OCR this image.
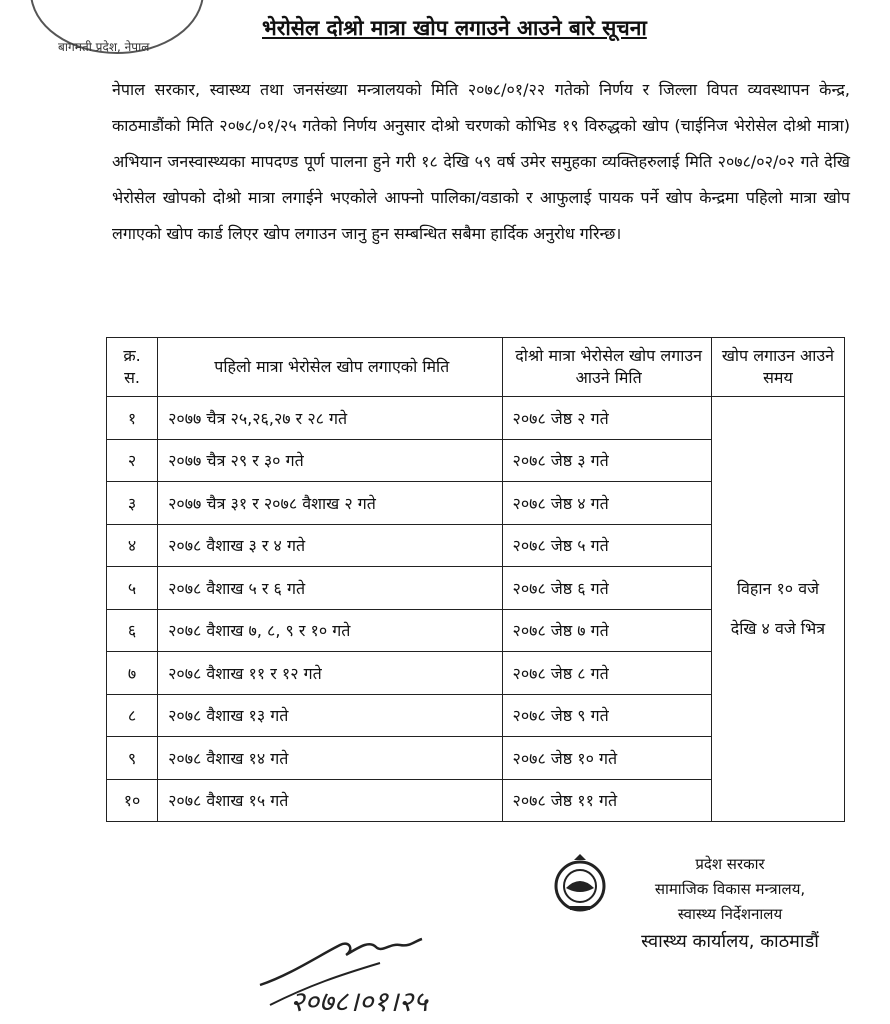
बागमती प्रदेश, नेपाल
भेरोसेल दोश्रो मात्रा खोप लगाउने आउने बारे सूचना
नेपाल सरकार, स्वास्थ्य तथा जनसंख्या मन्त्रालयको मिति २०७८/०१/२२ गतेको निर्णय र जिल्ला विपत व्यवस्थापन केन्द्र, काठमाडौंको मिति २०७८/०१/२५ गतेको निर्णय अनुसार दोश्रो चरणको कोभिड १९ विरुद्धको खोप (चाईनिज भेरोसेल दोश्रो मात्रा) अभियान जनस्वास्थ्यका मापदण्ड पूर्ण पालना हुने गरी १८ देखि ५९ वर्ष उमेर समुहका व्यक्तिहरुलाई मिति २०७८/०२/०२ गते देखि भेरोसेल खोपको दोश्रो मात्रा लगाईने भएकोले आफ्नो पालिका/वडाको र आफुलाई पायक पर्ने खोप केन्द्रमा पहिलो मात्रा खोप लगाएको खोप कार्ड लिएर खोप लगाउन जानु हुन सम्बन्धित सबैमा हार्दिक अनुरोध गरिन्छ।
क्र. स.	पहिलो मात्रा भेरोसेल खोप लगाएको मिति	दोश्रो मात्रा भेरोसेल खोप लगाउन आउने मिति	खोप लगाउन आउने समय
१	२०७७ चैत्र २५,२६,२७ र २८ गते	२०७८ जेष्ठ २ गते	विहान १० वजे
देखि ४ वजे भित्र

२	२०७७ चैत्र २९ र ३० गते	२०७८ जेष्ठ ३ गते	
३	२०७७ चैत्र ३१ र २०७८ वैशाख २ गते	२०७८ जेष्ठ ४ गते	
४	२०७८ वैशाख ३ र ४ गते	२०७८ जेष्ठ ५ गते	
५	२०७८ वैशाख ५ र ६ गते	२०७८ जेष्ठ ६ गते	
६	२०७८ वैशाख ७, ८, ९ र १० गते	२०७८ जेष्ठ ७ गते	
७	२०७८ वैशाख ११ र १२ गते	२०७८ जेष्ठ ८ गते	
८	२०७८ वैशाख १३ गते	२०७८ जेष्ठ ९ गते	
९	२०७८ वैशाख १४ गते	२०७८ जेष्ठ १० गते	
१०	२०७८ वैशाख १५ गते	२०७८ जेष्ठ ११ गते	
प्रदेश सरकार
सामाजिक विकास मन्त्रालय,
स्वास्थ्य निर्देशनालय
स्वास्थ्य कार्यालय, काठमाडौं
२०७८।०१।२५
